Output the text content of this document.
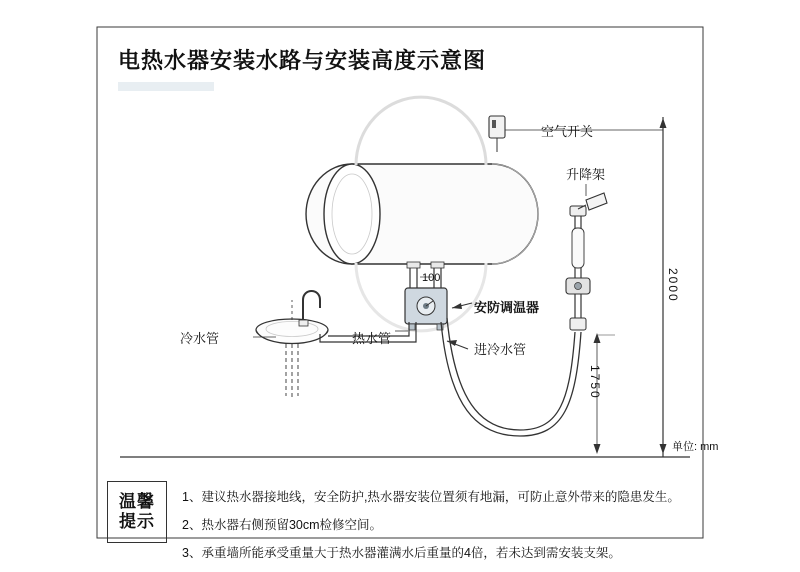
电热水器安装水路与安装高度示意图
空气开关
升降架
安防调温器
冷水管	热水管
进冷水管
100	2000
1750
单位: mm
温馨
提示
1、建议热水器接地线，安全防护,热水器安装位置须有地漏，可防止意外带来的隐患发生。
2、热水器右侧预留30cm检修空间。
3、承重墙所能承受重量大于热水器灌满水后重量的4倍，若未达到需安装支架。
